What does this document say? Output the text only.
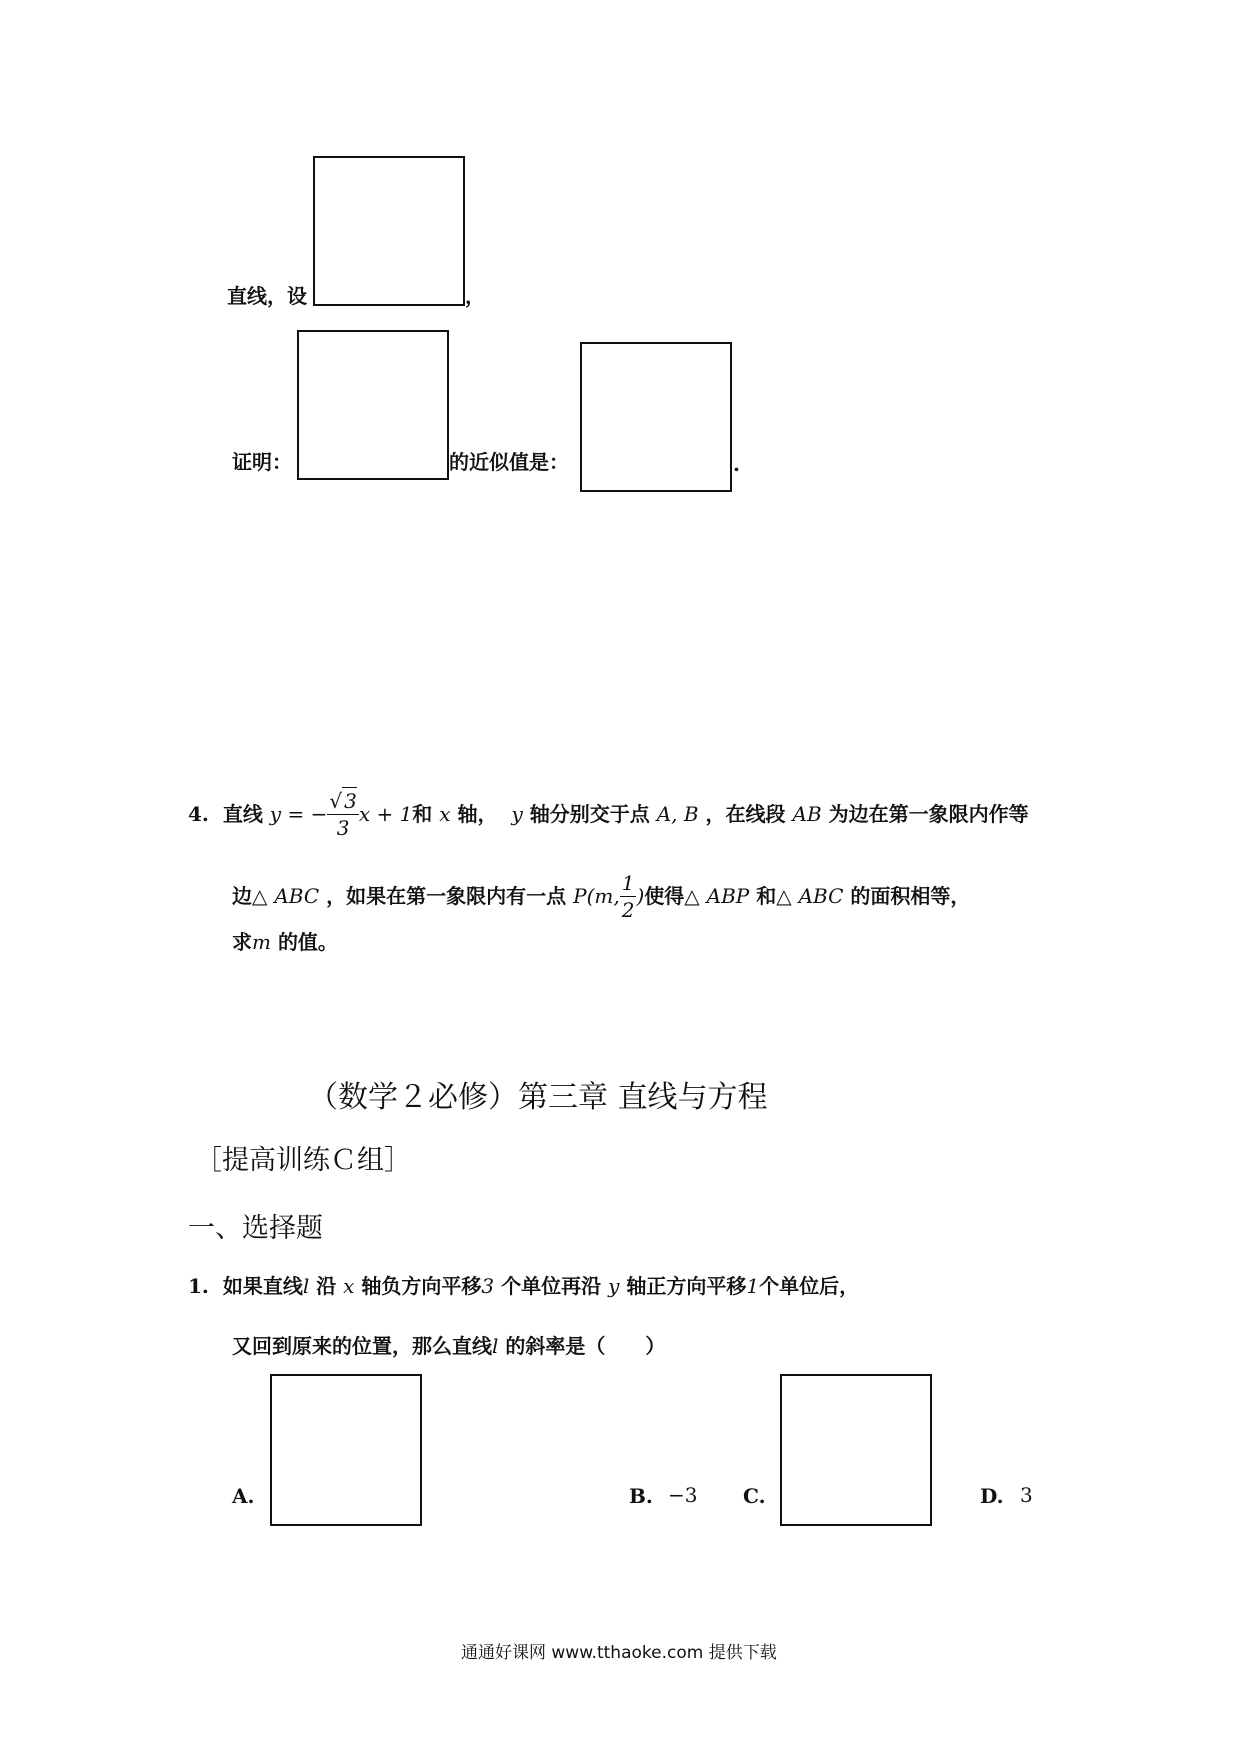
直线，设	，
证明：	的近似值是：	.
4.
直线
y = − $\frac{√ 3}{3}$ x + 1 和
x
轴，
y
轴分别交于点
A, B
，在线段
AB
为边在第一象限内作等
边△
ABC
，如果在第一象限内有一点
P(m, $\frac{1}{2}$ ) 使得△
ABP
和△
ABC
的面积相等，
求m 的值。
（数学２必修）第三章 直线与方程
［提高训练Ｃ组］
一、选择题
1. 如果直线l 沿 x 轴负方向平移3 个单位再沿 y 轴正方向平移1个单位后，
又回到原来的位置，那么直线l 的斜率是（　　）
A.	B. −3 C.	D. 3
通通好课网 www.tthaoke.com 提供下载
